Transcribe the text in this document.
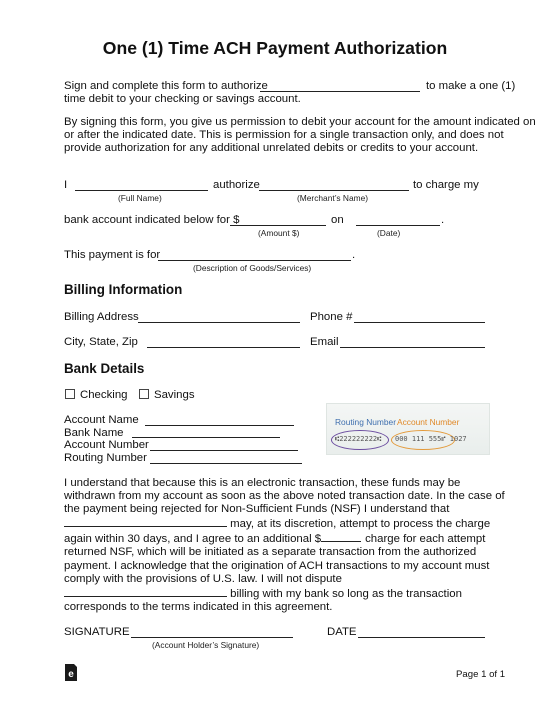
One (1) Time ACH Payment Authorization
Sign and complete this form to authorize	to make a one (1)
time debit to your checking or savings account.
By signing this form, you give us permission to debit your account for the amount indicated on
or after the indicated date. This is permission for a single transaction only, and does not
provide authorization for any additional unrelated debits or credits to your account.
I	authorize	to charge my
(Full Name)	(Merchant’s Name)
bank account indicated below for $	on	.
(Amount $)	(Date)
This payment is for	.
(Description of Goods/Services)
Billing Information
Billing Address	Phone #
City, State, Zip	Email
Bank Details
Checking	Savings
Account Name
Bank Name
Account Number
Routing Number
Routing Number Account Number
⑆222222222⑆ 000 111 555⑈ 1027
I understand that because this is an electronic transaction, these funds may be
withdrawn from my account as soon as the above noted transaction date. In the case of
the payment being rejected for Non-Sufficient Funds (NSF) I understand that
may, at its discretion, attempt to process the charge
again within 30 days, and I agree to an additional $	charge for each attempt
returned NSF, which will be initiated as a separate transaction from the authorized
payment. I acknowledge that the origination of ACH transactions to my account must
comply with the provisions of U.S. law. I will not dispute
billing with my bank so long as the transaction
corresponds to the terms indicated in this agreement.
SIGNATURE
(Account Holder’s Signature)
DATE
e	Page 1 of 1
